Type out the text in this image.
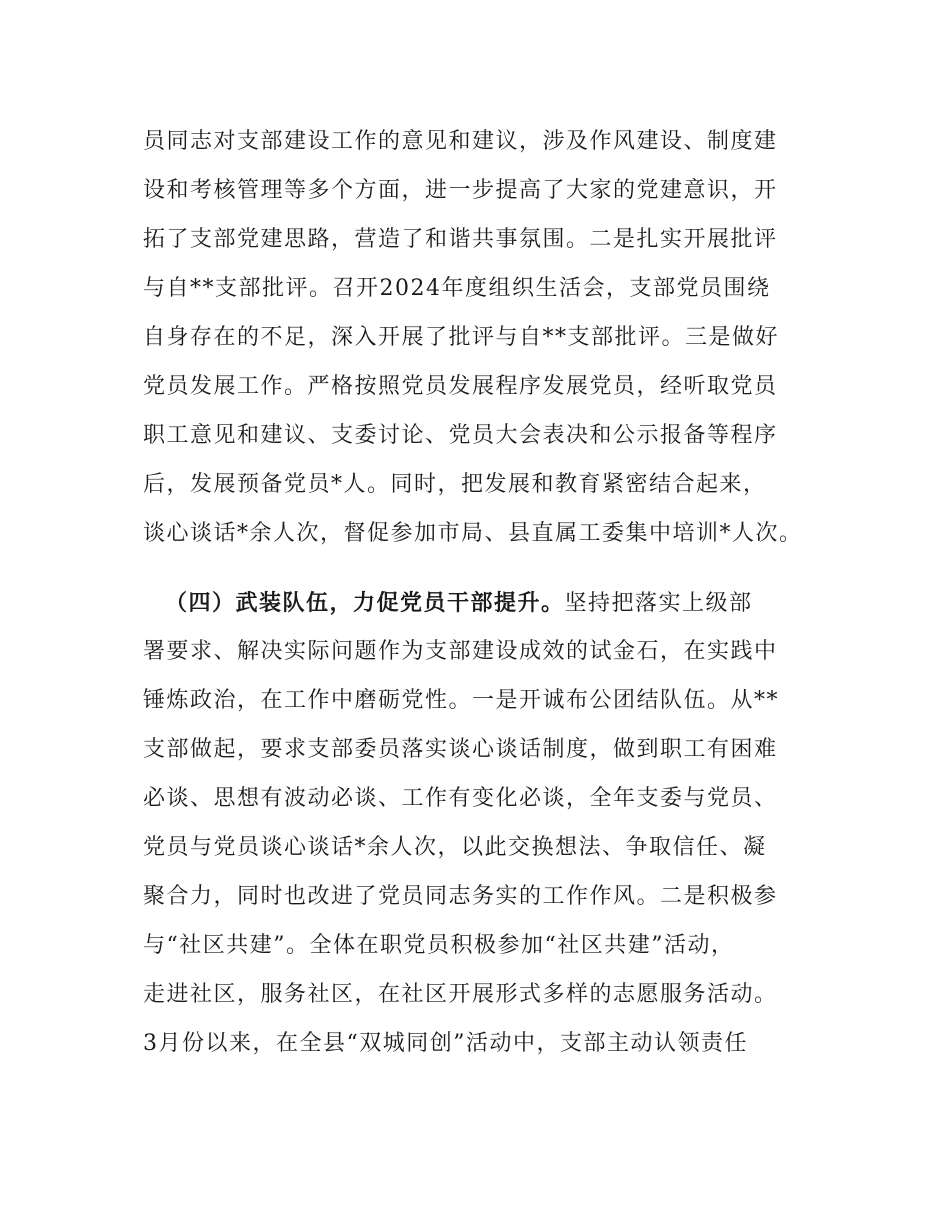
员同志对支部建设工作的意见和建议，涉及作风建设、制度建
设和考核管理等多个方面，进一步提高了大家的党建意识，开
拓了支部党建思路，营造了和谐共事氛围。二是扎实开展批评
与自**支部批评。召开2024年度组织生活会，支部党员围绕
自身存在的不足，深入开展了批评与自**支部批评。三是做好
党员发展工作。严格按照党员发展程序发展党员，经听取党员
职工意见和建议、支委讨论、党员大会表决和公示报备等程序
后，发展预备党员*人。同时，把发展和教育紧密结合起来，
谈心谈话*余人次，督促参加市局、县直属工委集中培训*人次。
（四）武装队伍，力促党员干部提升。坚持把落实上级部
署要求、解决实际问题作为支部建设成效的试金石，在实践中
锤炼政治，在工作中磨砺党性。一是开诚布公团结队伍。从**
支部做起，要求支部委员落实谈心谈话制度，做到职工有困难
必谈、思想有波动必谈、工作有变化必谈，全年支委与党员、
党员与党员谈心谈话*余人次，以此交换想法、争取信任、凝
聚合力，同时也改进了党员同志务实的工作作风。二是积极参
与“社区共建”。全体在职党员积极参加“社区共建”活动，
走进社区，服务社区，在社区开展形式多样的志愿服务活动。
3月份以来，在全县“双城同创”活动中，支部主动认领责任
